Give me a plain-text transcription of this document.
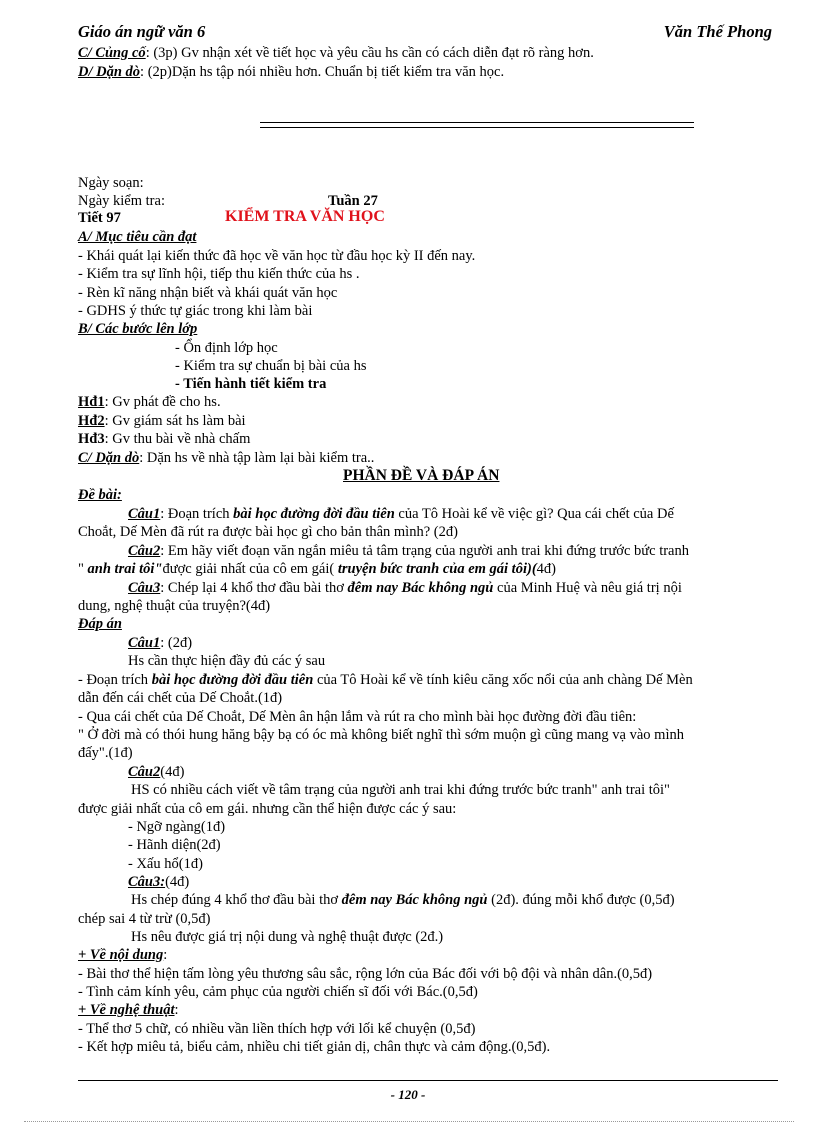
Giáo án ngữ văn 6	Văn Thế Phong
C/ Củng cố: (3p) Gv nhận xét về tiết học và yêu cầu hs cần có cách diễn đạt rõ ràng hơn.
D/ Dặn dò: (2p)Dặn hs tập nói nhiều hơn. Chuẩn bị tiết kiểm tra văn học.
Ngày soạn:
Ngày kiểm tra:	Tuần 27
Tiết 97	KIỂM TRA VĂN HỌC
A/ Mục tiêu cần đạt
- Khái quát lại kiến thức đã học về văn học từ đầu học kỳ II đến nay.
- Kiểm tra sự lĩnh hội, tiếp thu kiến thức của hs .
- Rèn kĩ năng nhận biết và khái quát văn học
- GDHS ý thức tự giác trong khi làm bài
B/ Các bước lên lớp
- Ổn định lớp học
- Kiểm tra sự chuẩn bị bài của hs
- Tiến hành tiết kiểm tra
Hđ1: Gv phát đề cho hs.
Hđ2: Gv giám sát hs làm bài
Hđ3: Gv thu bài về nhà chấm
C/ Dặn dò: Dặn hs về nhà tập làm lại bài kiểm tra..
PHẦN ĐỀ VÀ ĐÁP ÁN
Đề bài:
Câu1: Đoạn trích bài học đường đời đầu tiên của Tô Hoài kể về việc gì? Qua cái chết của Dế
Choắt, Dế Mèn đã rút ra được bài học gì cho bản thân mình? (2đ)
Câu2: Em hãy viết đoạn văn ngắn miêu tả tâm trạng của người anh trai khi đứng trước bức tranh
" anh trai tôi"được giải nhất của cô em gái( truyện bức tranh của em gái tôi)(4đ)
Câu3: Chép lại 4 khổ thơ đầu bài thơ đêm nay Bác không ngủ của Minh Huệ và nêu giá trị nội
dung, nghệ thuật của truyện?(4đ)
Đáp án
Câu1: (2đ)
Hs cần thực hiện đầy đủ các ý sau
- Đoạn trích bài học đường đời đầu tiên của Tô Hoài kể về tính kiêu căng xốc nổi của anh chàng Dế Mèn
dẫn đến cái chết của Dế Choắt.(1đ)
- Qua cái chết của Dế Choắt, Dế Mèn ân hận lắm và rút ra cho mình bài học đường đời đầu tiên:
" Ở đời mà có thói hung hăng bậy bạ có óc mà không biết nghĩ thì sớm muộn gì cũng mang vạ vào mình
đấy".(1đ)
Câu2(4đ)
HS có nhiều cách viết về tâm trạng của người anh trai khi đứng trước bức tranh" anh trai tôi"
được giải nhất của cô em gái. nhưng cần thể hiện được các ý sau:
- Ngỡ ngàng(1đ)
- Hãnh diện(2đ)
- Xấu hổ(1đ)
Câu3:(4đ)
Hs chép đúng 4 khổ thơ đầu bài thơ đêm nay Bác không ngủ (2đ). đúng mỗi khổ được (0,5đ)
chép sai 4 từ trừ (0,5đ)
Hs nêu được giá trị nội dung và nghệ thuật được (2đ.)
+ Về nội dung:
- Bài thơ thể hiện tấm lòng yêu thương sâu sắc, rộng lớn của Bác đối với bộ đội và nhân dân.(0,5đ)
- Tình cảm kính yêu, cảm phục của người chiến sĩ đối với Bác.(0,5đ)
+ Về nghệ thuật:
- Thể thơ 5 chữ, có nhiều vần liền thích hợp với lối kể chuyện (0,5đ)
- Kết hợp miêu tả, biểu cảm, nhiều chi tiết giản dị, chân thực và cảm động.(0,5đ).
- 120 -
